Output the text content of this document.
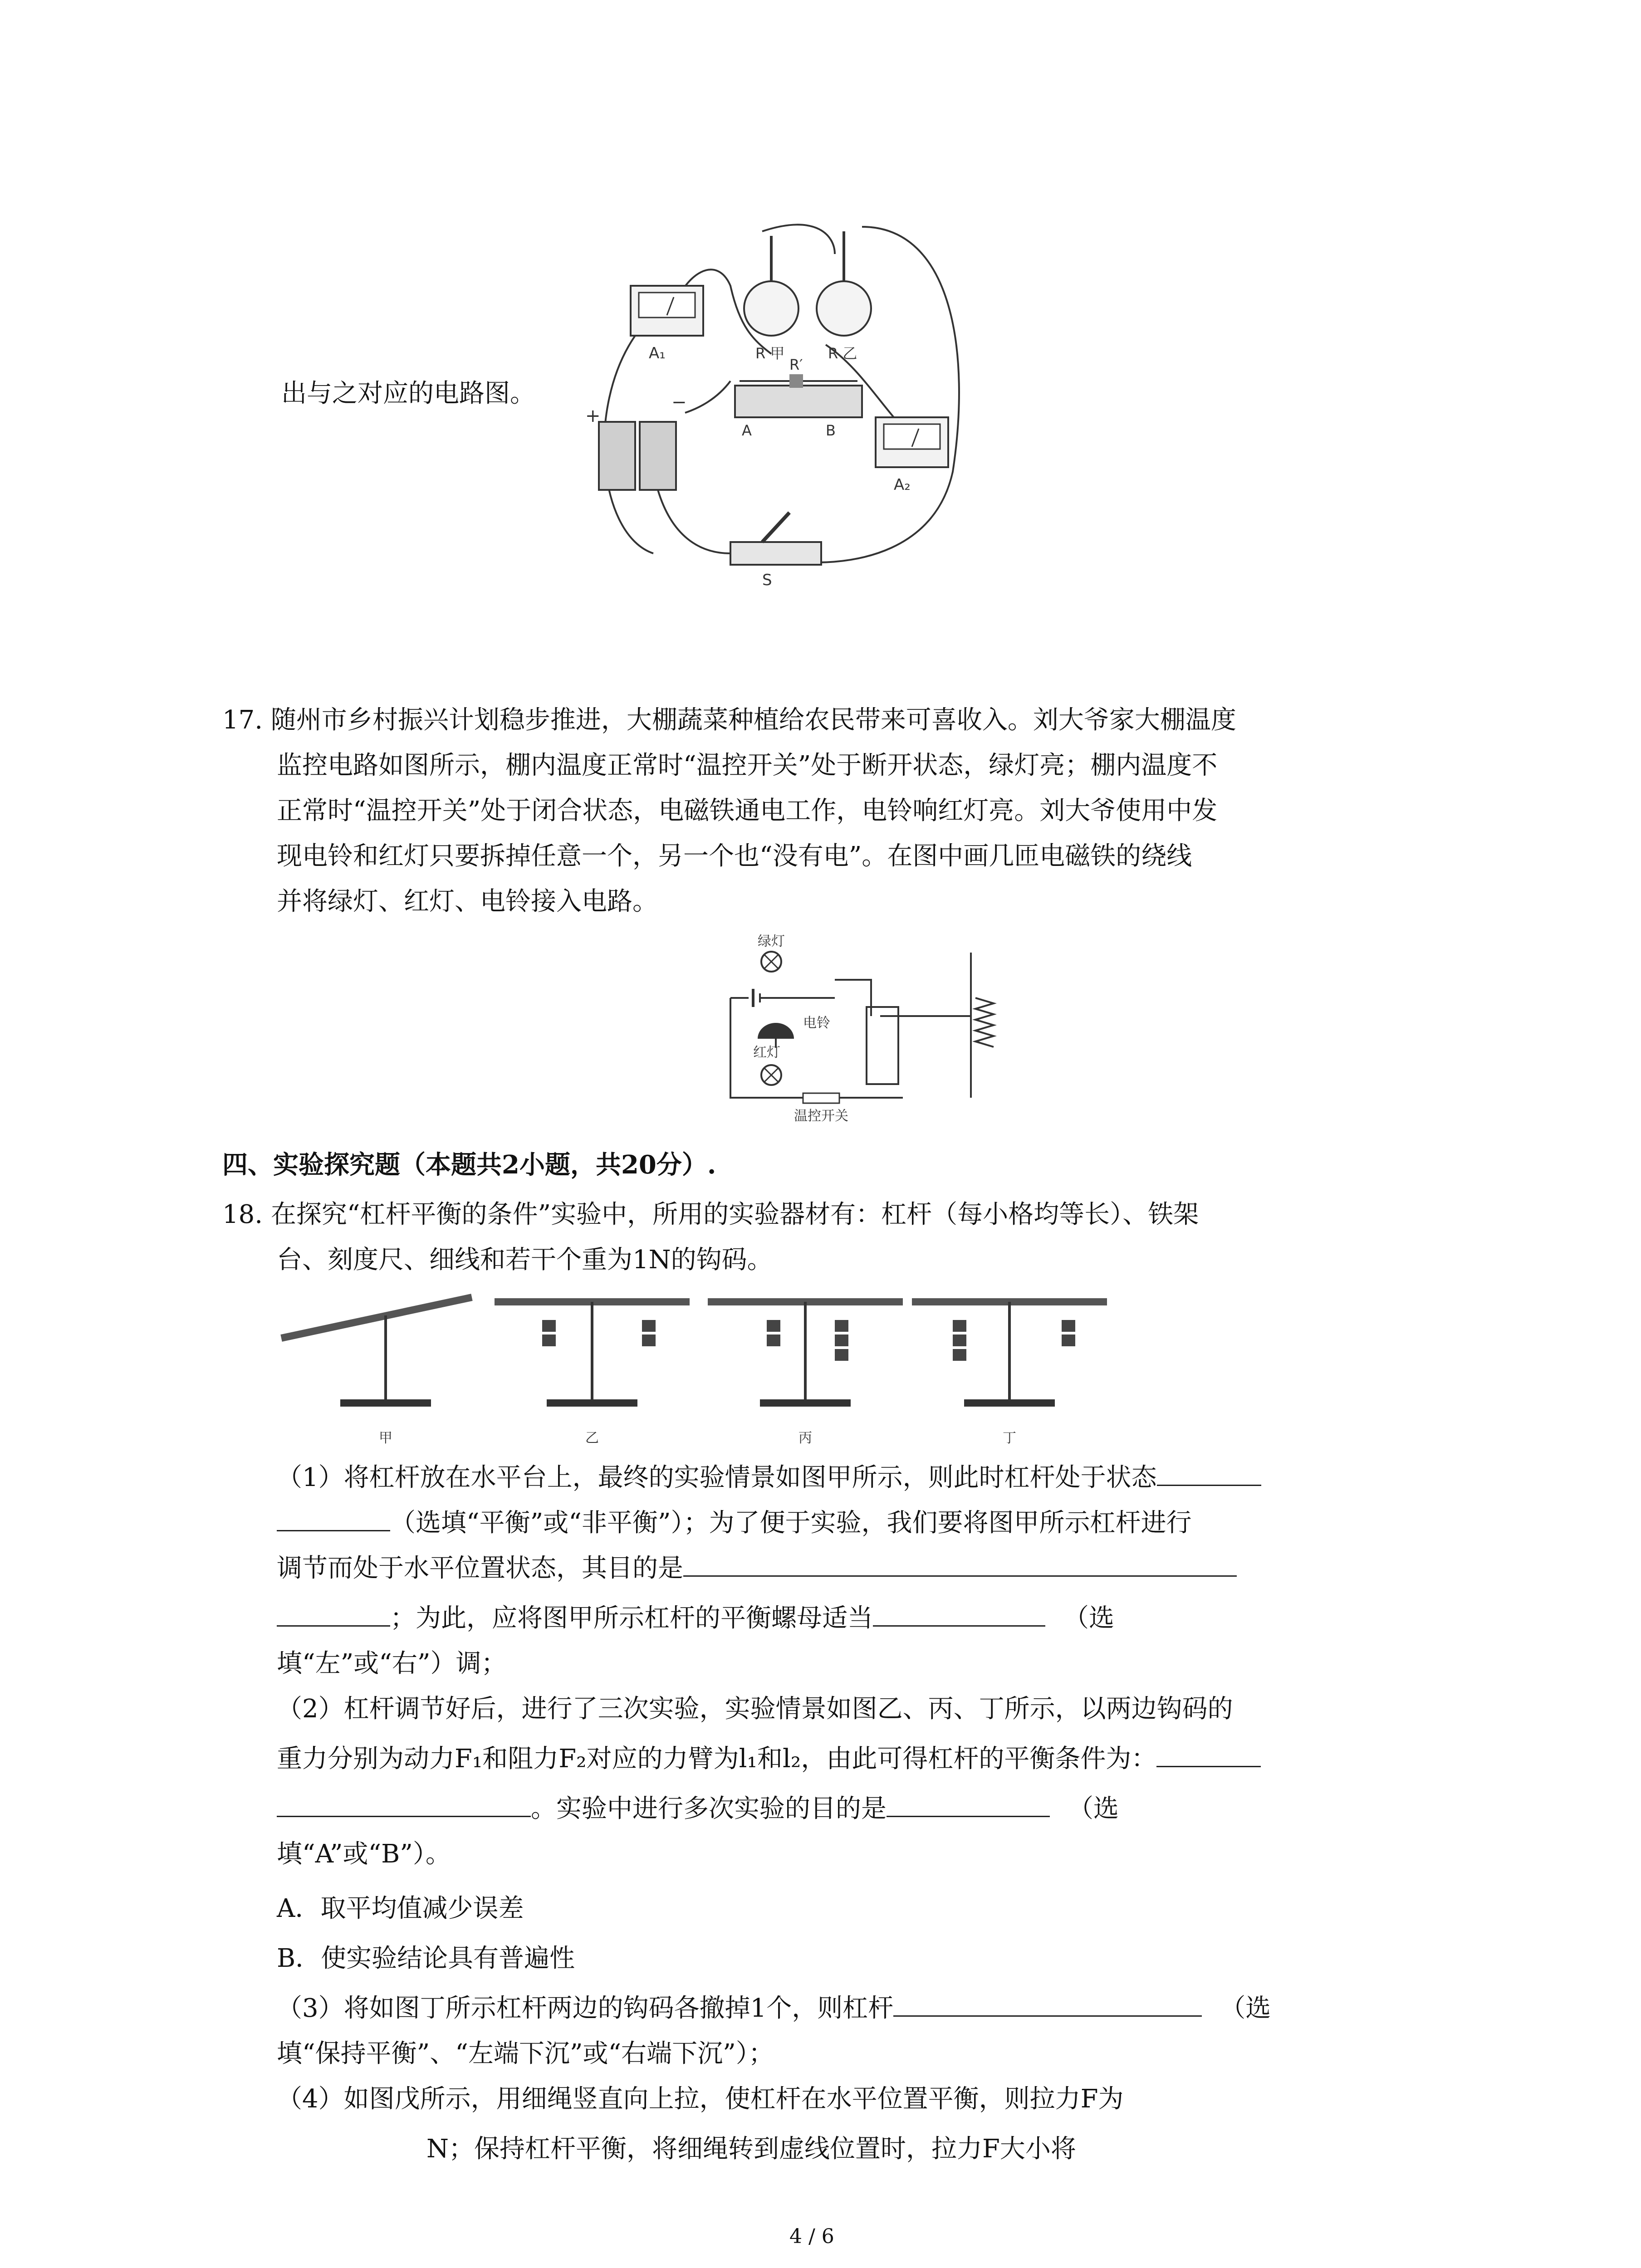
出与之对应的电路图。
A₁	R 甲	R 乙
R′
A	B
+
−
A₂
S
17. 随州市乡村振兴计划稳步推进，大棚蔬菜种植给农民带来可喜收入。刘大爷家大棚温度
监控电路如图所示，棚内温度正常时“温控开关”处于断开状态，绿灯亮；棚内温度不
正常时“温控开关”处于闭合状态，电磁铁通电工作，电铃响红灯亮。刘大爷使用中发
现电铃和红灯只要拆掉任意一个，另一个也“没有电”。在图中画几匝电磁铁的绕线
并将绿灯、红灯、电铃接入电路。
绿灯
电铃
红灯
温控开关
四、实验探究题（本题共2小题，共20分）.
18. 在探究“杠杆平衡的条件”实验中，所用的实验器材有：杠杆（每小格均等长）、铁架
台、刻度尺、细线和若干个重为1N的钩码。
甲	乙	丙	丁
（1）将杠杆放在水平台上，最终的实验情景如图甲所示，则此时杠杆处于状态
（选填“平衡”或“非平衡”）；为了便于实验，我们要将图甲所示杠杆进行
调节而处于水平位置状态，其目的是
；为此，应将图甲所示杠杆的平衡螺母适当	（选
填“左”或“右”）调；
（2）杠杆调节好后，进行了三次实验，实验情景如图乙、丙、丁所示，以两边钩码的
重力分别为动力F₁和阻力F₂对应的力臂为l₁和l₂，由此可得杠杆的平衡条件为：
。实验中进行多次实验的目的是	（选
填“A”或“B”）。
A．取平均值减少误差
B．使实验结论具有普遍性
（3）将如图丁所示杠杆两边的钩码各撤掉1个，则杠杆	（选
填“保持平衡”、“左端下沉”或“右端下沉”）；
（4）如图戊所示，用细绳竖直向上拉，使杠杆在水平位置平衡，则拉力F为
N；保持杠杆平衡，将细绳转到虚线位置时，拉力F大小将
4 / 6
